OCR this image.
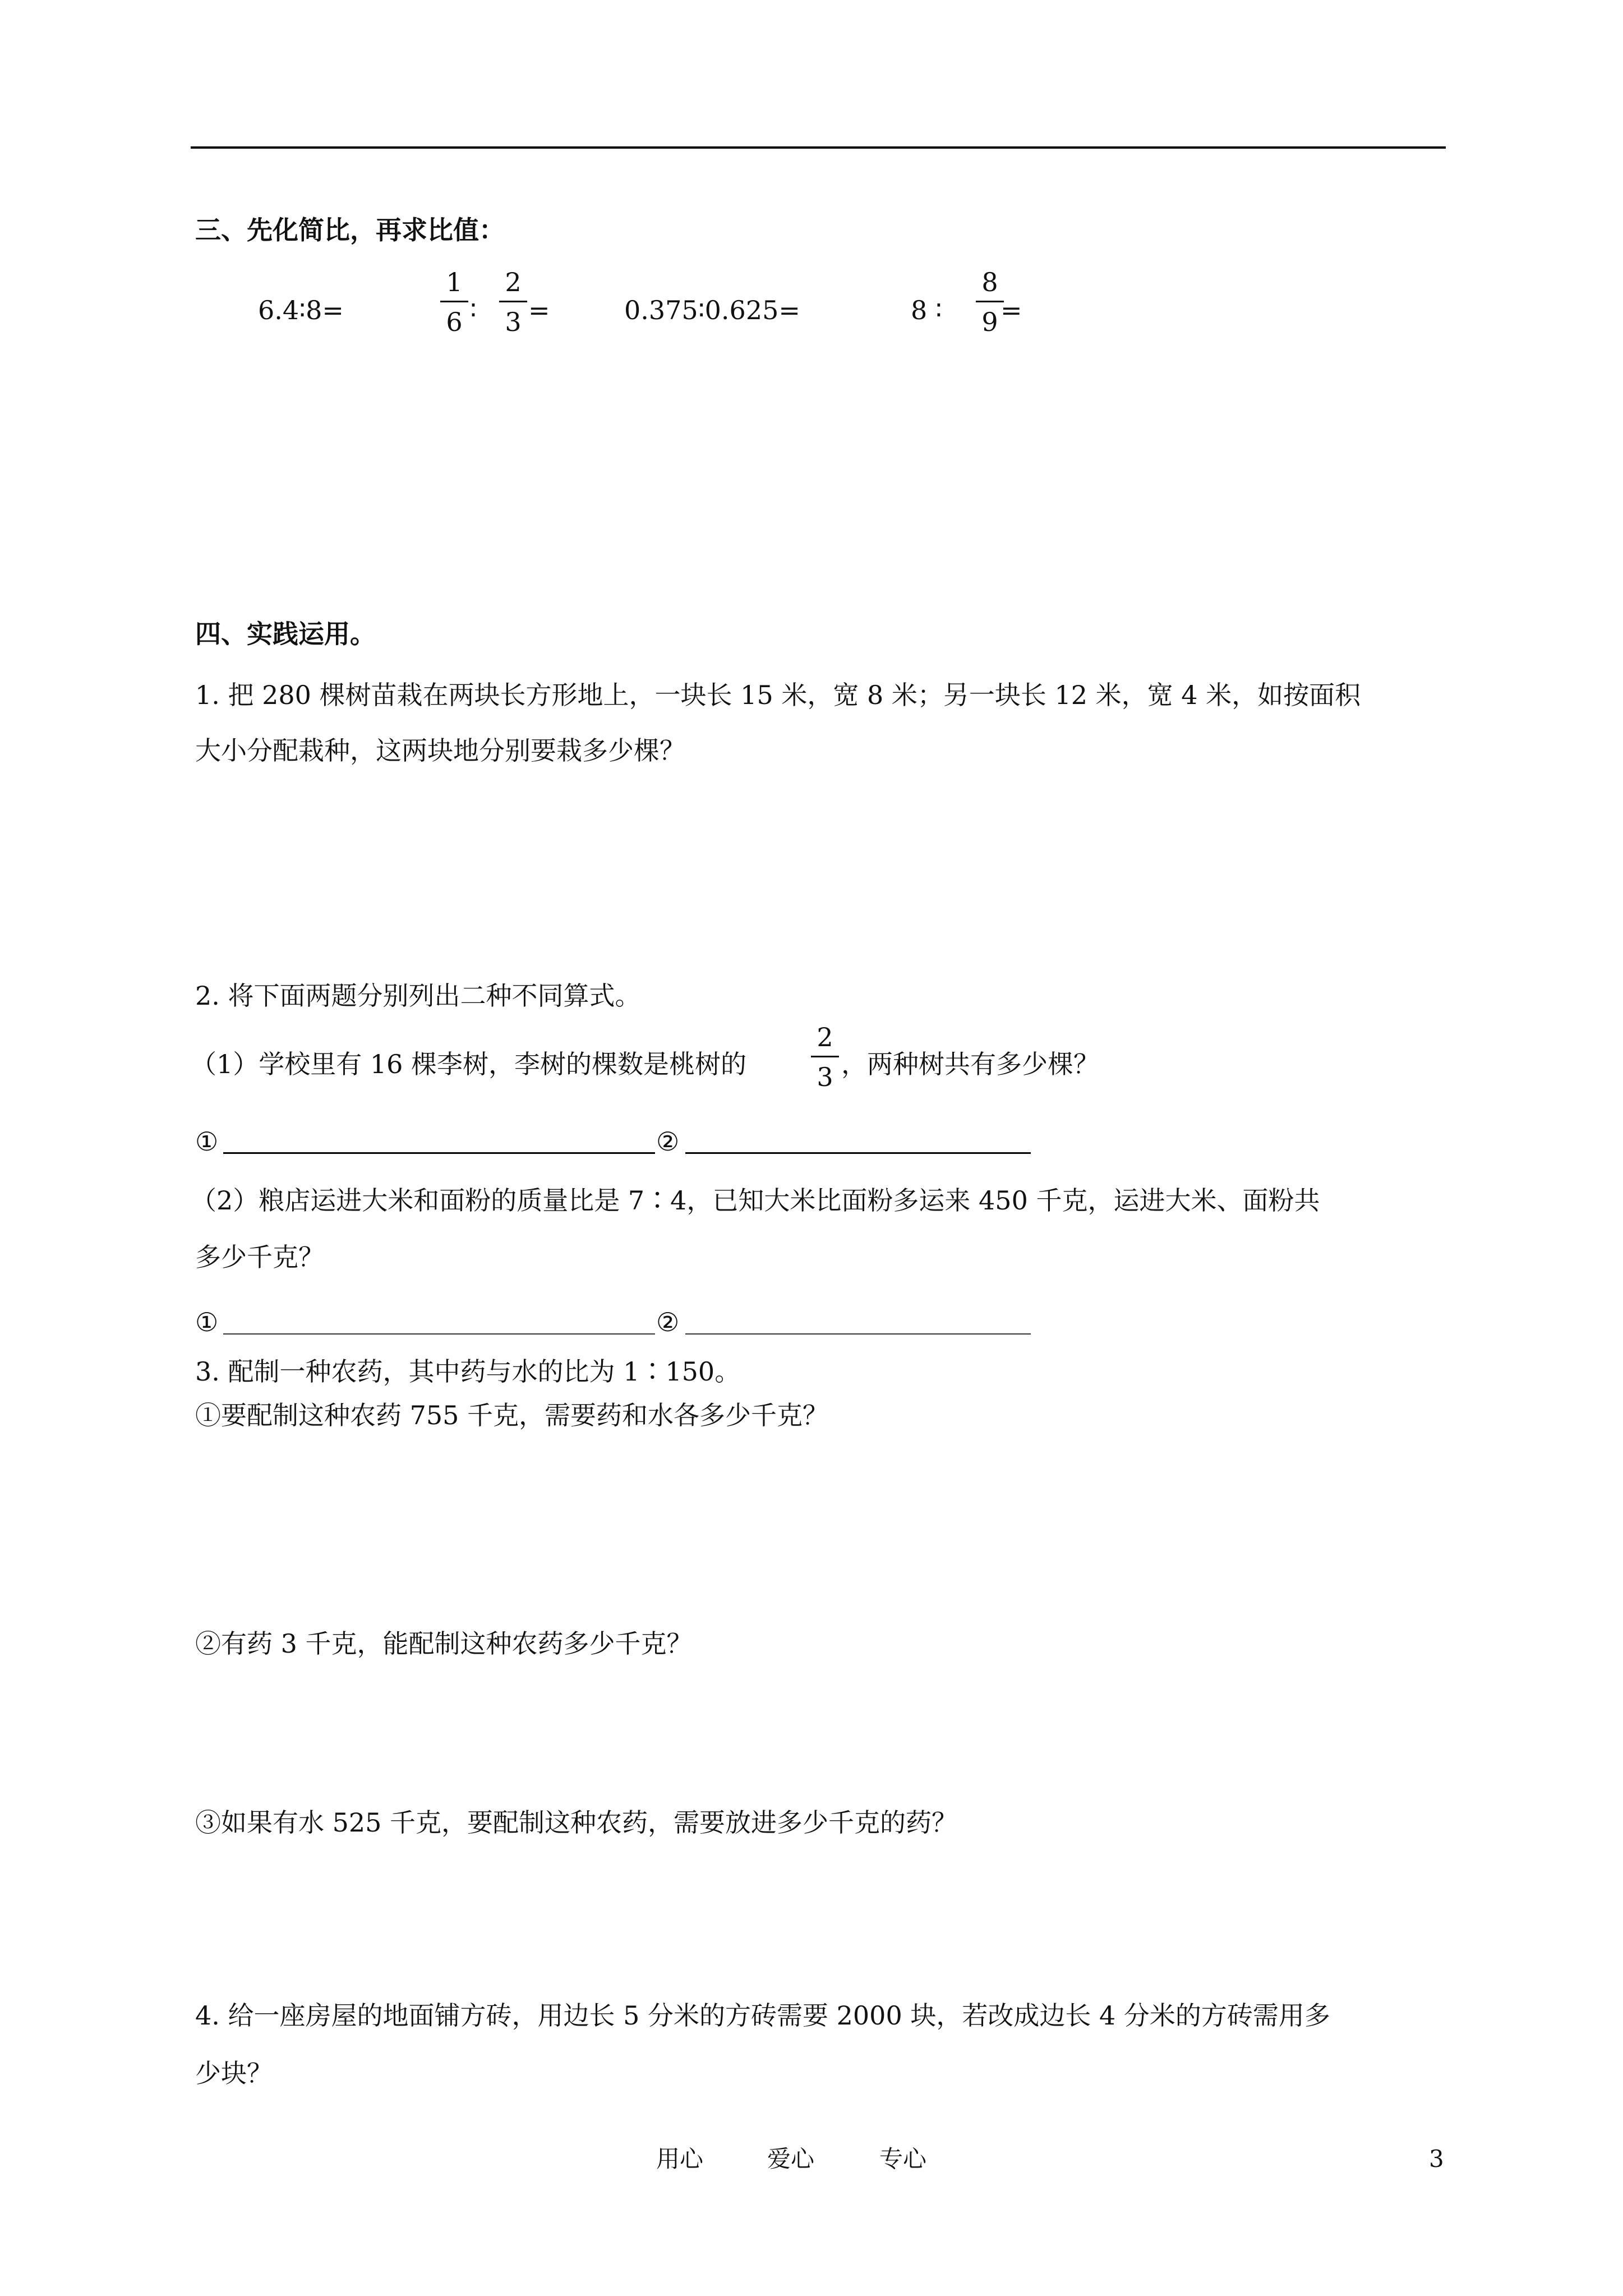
三、先化简比，再求比值：
6.4∶8=
1
6 ∶
2
3 =	0.375∶0.625=	8 ∶
8
9 =
四、实践运用。
1. 把 280 棵树苗栽在两块长方形地上，一块长 15 米，宽 8 米；另一块长 12 米，宽 4 米，如按面积
大小分配栽种，这两块地分别要栽多少棵？
2. 将下面两题分别列出二种不同算式。
（1）学校里有 16 棵李树，李树的棵数是桃树的
2
3 ，两种树共有多少棵？
①	②
（2）粮店运进大米和面粉的质量比是 7∶4，已知大米比面粉多运来 450 千克，运进大米、面粉共
多少千克？
①	②
3. 配制一种农药，其中药与水的比为 1∶150。
①要配制这种农药 755 千克，需要药和水各多少千克？
②有药 3 千克，能配制这种农药多少千克？
③如果有水 525 千克，要配制这种农药，需要放进多少千克的药？
4. 给一座房屋的地面铺方砖，用边长 5 分米的方砖需要 2000 块，若改成边长 4 分米的方砖需用多
少块？
用心	爱心	专心	3
